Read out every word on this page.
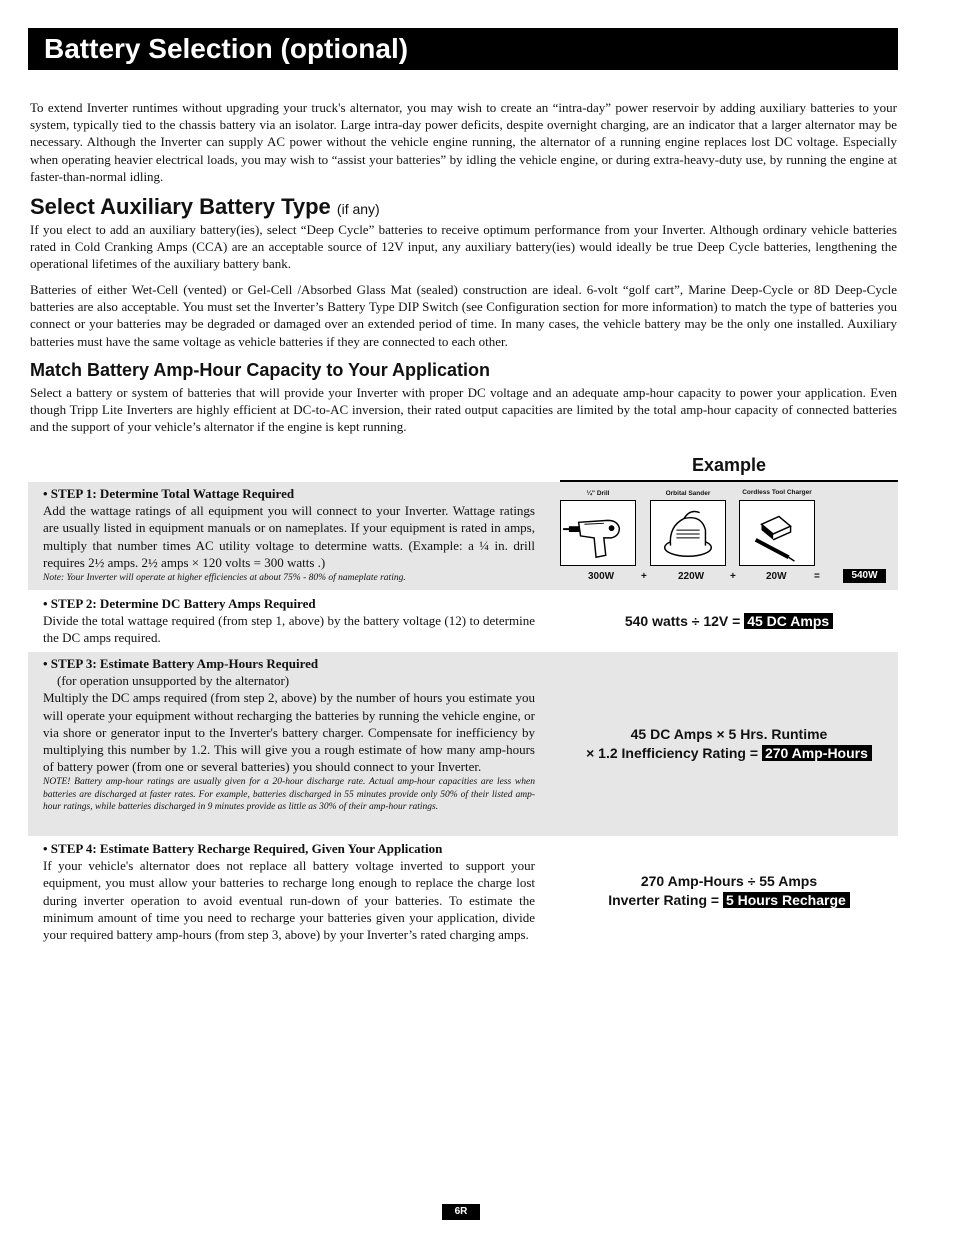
Battery Selection (optional)

To extend Inverter runtimes without upgrading your truck's alternator, you may wish to create an “intra-day” power reservoir by adding auxiliary batteries to your system, typically tied to the chassis battery via an isolator. Large intra-day power deficits, despite overnight charging, are an indicator that a larger alternator may be necessary. Although the Inverter can supply AC power without the vehicle engine running, the alternator of a running engine replaces lost DC voltage. Especially when operating heavier electrical loads, you may wish to “assist your batteries” by idling the vehicle engine, or during extra-heavy-duty use, by running the engine at faster-than-normal idling.

Select Auxiliary Battery Type (if any)

If you elect to add an auxiliary battery(ies), select “Deep Cycle” batteries to receive optimum performance from your Inverter. Although ordinary vehicle batteries rated in Cold Cranking Amps (CCA) are an acceptable source of 12V input, any auxiliary battery(ies) would ideally be true Deep Cycle batteries, lengthening the operational lifetimes of the auxiliary battery bank.

Batteries of either Wet-Cell (vented) or Gel-Cell /Absorbed Glass Mat (sealed) construction are ideal. 6-volt “golf cart”, Marine Deep-Cycle or 8D Deep-Cycle batteries are also acceptable. You must set the Inverter’s Battery Type DIP Switch (see Configuration section for more information) to match the type of batteries you connect or your batteries may be degraded or damaged over an extended period of time. In many cases, the vehicle battery may be the only one installed. Auxiliary batteries must have the same voltage as vehicle batteries if they are connected to each other.

Match Battery Amp-Hour Capacity to Your Application

Select a battery or system of batteries that will provide your Inverter with proper DC voltage and an adequate amp-hour capacity to power your application. Even though Tripp Lite Inverters are highly efficient at DC-to-AC inversion, their rated output capacities are limited by the total amp-hour capacity of connected batteries and the support of your vehicle’s alternator if the engine is kept running.

Example
• STEP 1: Determine Total Wattage Required
Add the wattage ratings of all equipment you will connect to your Inverter. Wattage ratings are usually listed in equipment manuals or on nameplates. If your equipment is rated in amps, multiply that number times AC utility voltage to determine watts. (Example: a ¼ in. drill requires 2½ amps. 2½ amps × 120 volts = 300 watts .)
Note: Your Inverter will operate at higher efficiencies at about 75% - 80% of nameplate rating.
¼" Drill	Orbital Sander	Cordless Tool Charger
300W	+	220W	+	20W	=	540W
• STEP 2: Determine DC Battery Amps Required
Divide the total wattage required (from step 1, above) by the battery voltage (12) to determine the DC amps required.
540 watts ÷ 12V = 45 DC Amps
• STEP 3: Estimate Battery Amp-Hours Required
(for operation unsupported by the alternator)
Multiply the DC amps required (from step 2, above) by the number of hours you estimate you will operate your equipment without recharging the batteries by running the vehicle engine, or via shore or generator input to the Inverter's battery charger. Compensate for inefficiency by multiplying this number by 1.2. This will give you a rough estimate of how many amp-hours of battery power (from one or several batteries) you should connect to your Inverter.
NOTE! Battery amp-hour ratings are usually given for a 20-hour discharge rate. Actual amp-hour capacities are less when batteries are discharged at faster rates. For example, batteries discharged in 55 minutes provide only 50% of their listed amp-hour ratings, while batteries discharged in 9 minutes provide as little as 30% of their amp-hour ratings.
45 DC Amps × 5 Hrs. Runtime
× 1.2 Inefficiency Rating = 270 Amp-Hours
• STEP 4: Estimate Battery Recharge Required, Given Your Application
If your vehicle's alternator does not replace all battery voltage inverted to support your equipment, you must allow your batteries to recharge long enough to replace the charge lost during inverter operation to avoid eventual run-down of your batteries. To estimate the minimum amount of time you need to recharge your batteries given your application, divide your required battery amp-hours (from step 3, above) by your Inverter’s rated charging amps.
270 Amp-Hours ÷ 55 Amps
Inverter Rating = 5 Hours Recharge
6R
